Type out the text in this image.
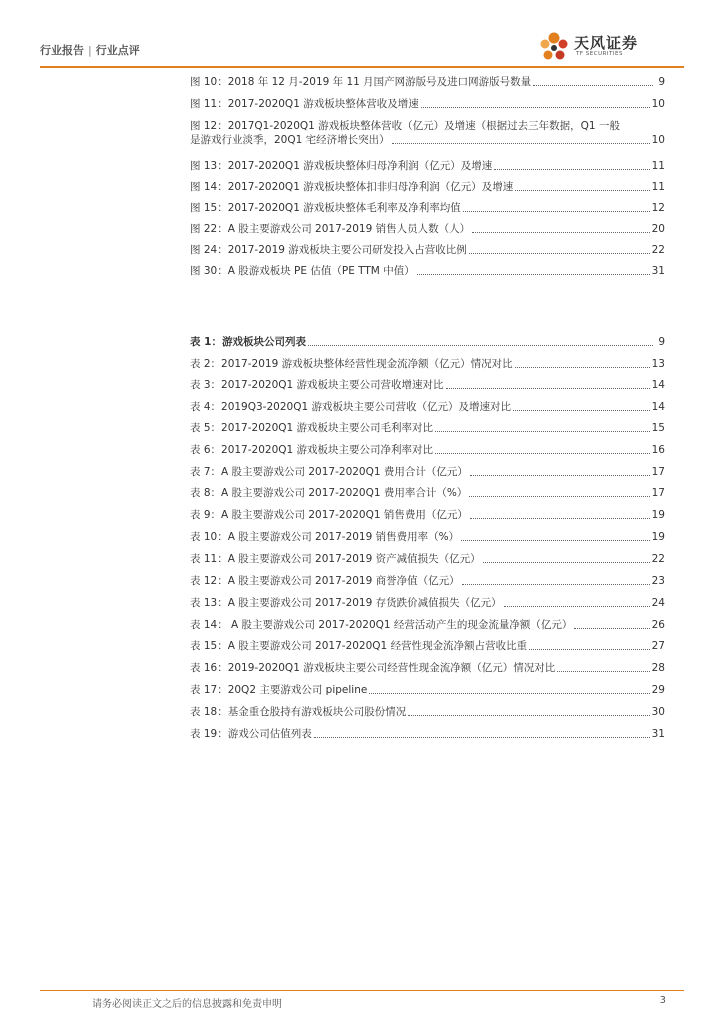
行业报告 | 行业点评	天风证券
TF SECURITIES
图 10：2018 年 12 月-2019 年 11 月国产网游版号及进口网游版号数量	9
图 11：2017-2020Q1 游戏板块整体营收及增速	10
图 12：2017Q1-2020Q1 游戏板块整体营收（亿元）及增速（根据过去三年数据，Q1 一般
是游戏行业淡季，20Q1 宅经济增长突出）	10
图 13：2017-2020Q1 游戏板块整体归母净利润（亿元）及增速	11
图 14：2017-2020Q1 游戏板块整体扣非归母净利润（亿元）及增速	11
图 15：2017-2020Q1 游戏板块整体毛利率及净利率均值	12
图 22：A 股主要游戏公司 2017-2019 销售人员人数（人）	20
图 24：2017-2019 游戏板块主要公司研发投入占营收比例	22
图 30：A 股游戏板块 PE 估值（PE TTM 中值）	31
表 1：游戏板块公司列表	9
表 2：2017-2019 游戏板块整体经营性现金流净额（亿元）情况对比	13
表 3：2017-2020Q1 游戏板块主要公司营收增速对比	14
表 4：2019Q3-2020Q1 游戏板块主要公司营收（亿元）及增速对比	14
表 5：2017-2020Q1 游戏板块主要公司毛利率对比	15
表 6：2017-2020Q1 游戏板块主要公司净利率对比	16
表 7：A 股主要游戏公司 2017-2020Q1 费用合计（亿元）	17
表 8：A 股主要游戏公司 2017-2020Q1 费用率合计（%）	17
表 9：A 股主要游戏公司 2017-2020Q1 销售费用（亿元）	19
表 10：A 股主要游戏公司 2017-2019 销售费用率（%）	19
表 11：A 股主要游戏公司 2017-2019 资产减值损失（亿元）	22
表 12：A 股主要游戏公司 2017-2019 商誉净值（亿元）	23
表 13：A 股主要游戏公司 2017-2019 存货跌价减值损失（亿元）	24
表 14： A 股主要游戏公司 2017-2020Q1 经营活动产生的现金流量净额（亿元）	26
表 15：A 股主要游戏公司 2017-2020Q1 经营性现金流净额占营收比重	27
表 16：2019-2020Q1 游戏板块主要公司经营性现金流净额（亿元）情况对比	28
表 17：20Q2 主要游戏公司 pipeline	29
表 18：基金重仓股持有游戏板块公司股份情况	30
表 19：游戏公司估值列表	31
请务必阅读正文之后的信息披露和免责申明	3
